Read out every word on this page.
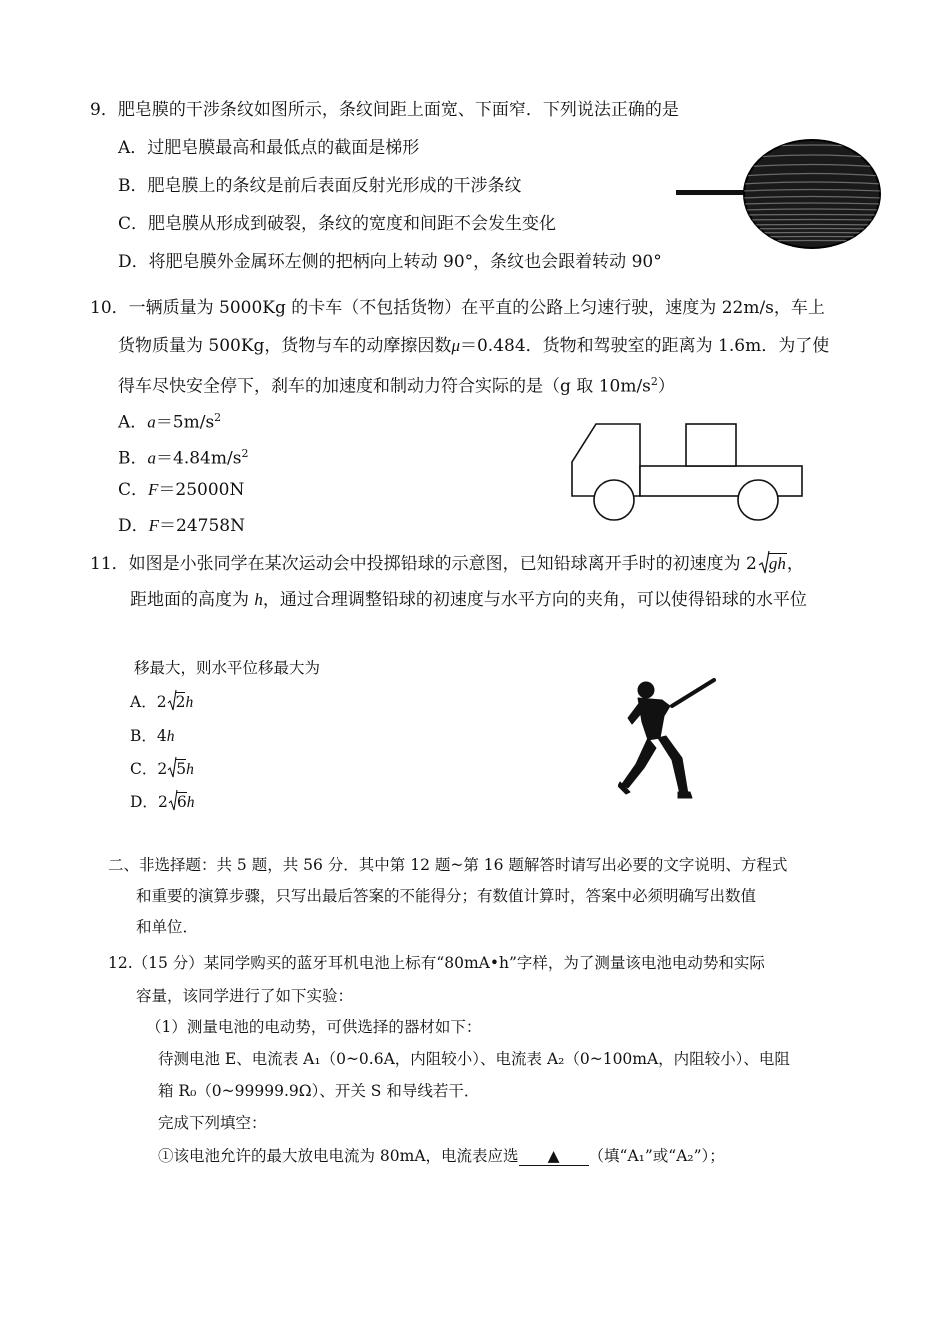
9．肥皂膜的干涉条纹如图所示，条纹间距上面宽、下面窄．下列说法正确的是
A．过肥皂膜最高和最低点的截面是梯形
B．肥皂膜上的条纹是前后表面反射光形成的干涉条纹
C．肥皂膜从形成到破裂，条纹的宽度和间距不会发生变化
D．将肥皂膜外金属环左侧的把柄向上转动 90°，条纹也会跟着转动 90°
10．一辆质量为 5000Kg 的卡车（不包括货物）在平直的公路上匀速行驶，速度为 22m/s，车上
货物质量为 500Kg，货物与车的动摩擦因数μ＝0.484．货物和驾驶室的距离为 1.6m．为了使
得车尽快安全停下，刹车的加速度和制动力符合实际的是（g 取 $10m/s^2$）
A．$a=5m/s^2$
B．$a=4.84m/s^2$
C．F＝25000N
D．F＝24758N
11．如图是小张同学在某次运动会中投掷铅球的示意图，已知铅球离开手时的初速度为 2 gh，
距地面的高度为 h，通过合理调整铅球的初速度与水平方向的夹角，可以使得铅球的水平位
移最大，则水平位移最大为
A．2 2h
B．4h
C．2 5h
D．2 6h
二、非选择题：共 5 题，共 56 分．其中第 12 题~第 16 题解答时请写出必要的文字说明、方程式
和重要的演算步骤，只写出最后答案的不能得分；有数值计算时，答案中必须明确写出数值
和单位．
12.（15 分）某同学购买的蓝牙耳机电池上标有“80mA•h”字样，为了测量该电池电动势和实际
容量，该同学进行了如下实验：
（1）测量电池的电动势，可供选择的器材如下：
待测电池 E、电流表 A₁（0~0.6A，内阻较小）、电流表 A₂（0~100mA，内阻较小）、电阻
箱 R₀（0~99999.9Ω）、开关 S 和导线若干．
完成下列填空：
①该电池允许的最大放电电流为 80mA，电流表应选 ▲ （填“A₁”或“A₂”）；
